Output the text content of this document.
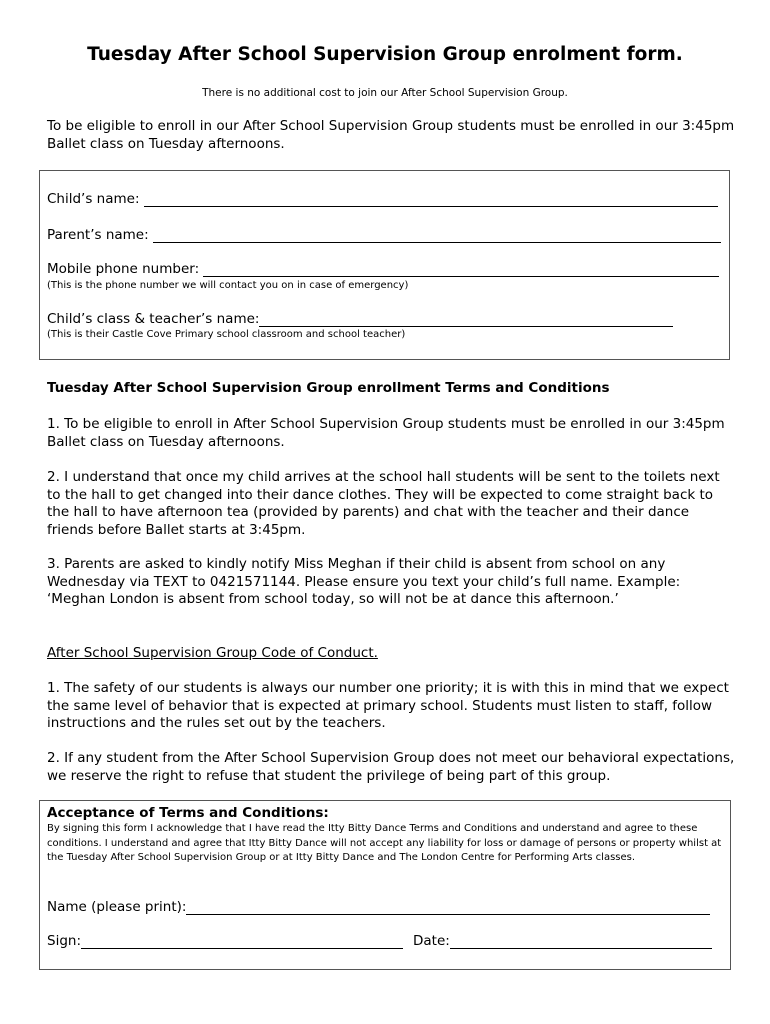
Tuesday After School Supervision Group enrolment form.

There is no additional cost to join our After School Supervision Group.

To be eligible to enroll in our After School Supervision Group students must be enrolled in our 3:45pm Ballet class on Tuesday afternoons.

Child’s name:
Parent’s name:
Mobile phone number:
(This is the phone number we will contact you on in case of emergency)
Child’s class & teacher’s name:
(This is their Castle Cove Primary school classroom and school teacher)
Tuesday After School Supervision Group enrollment Terms and Conditions

1. To be eligible to enroll in After School Supervision Group students must be enrolled in our 3:45pm Ballet class on Tuesday afternoons.

2. I understand that once my child arrives at the school hall students will be sent to the toilets next to the hall to get changed into their dance clothes. They will be expected to come straight back to the hall to have afternoon tea (provided by parents) and chat with the teacher and their dance friends before Ballet starts at 3:45pm.

3. Parents are asked to kindly notify Miss Meghan if their child is absent from school on any Wednesday via TEXT to 0421571144. Please ensure you text your child’s full name. Example: ‘Meghan London is absent from school today, so will not be at dance this afternoon.’

After School Supervision Group Code of Conduct.

1. The safety of our students is always our number one priority; it is with this in mind that we expect the same level of behavior that is expected at primary school. Students must listen to staff, follow instructions and the rules set out by the teachers.

2. If any student from the After School Supervision Group does not meet our behavioral expectations, we reserve the right to refuse that student the privilege of being part of this group.

Acceptance of Terms and Conditions:

By signing this form I acknowledge that I have read the Itty Bitty Dance Terms and Conditions and understand and agree to these conditions. I understand and agree that Itty Bitty Dance will not accept any liability for loss or damage of persons or property whilst at the Tuesday After School Supervision Group or at Itty Bitty Dance and The London Centre for Performing Arts classes.

Name (please print):
Sign:	Date:
